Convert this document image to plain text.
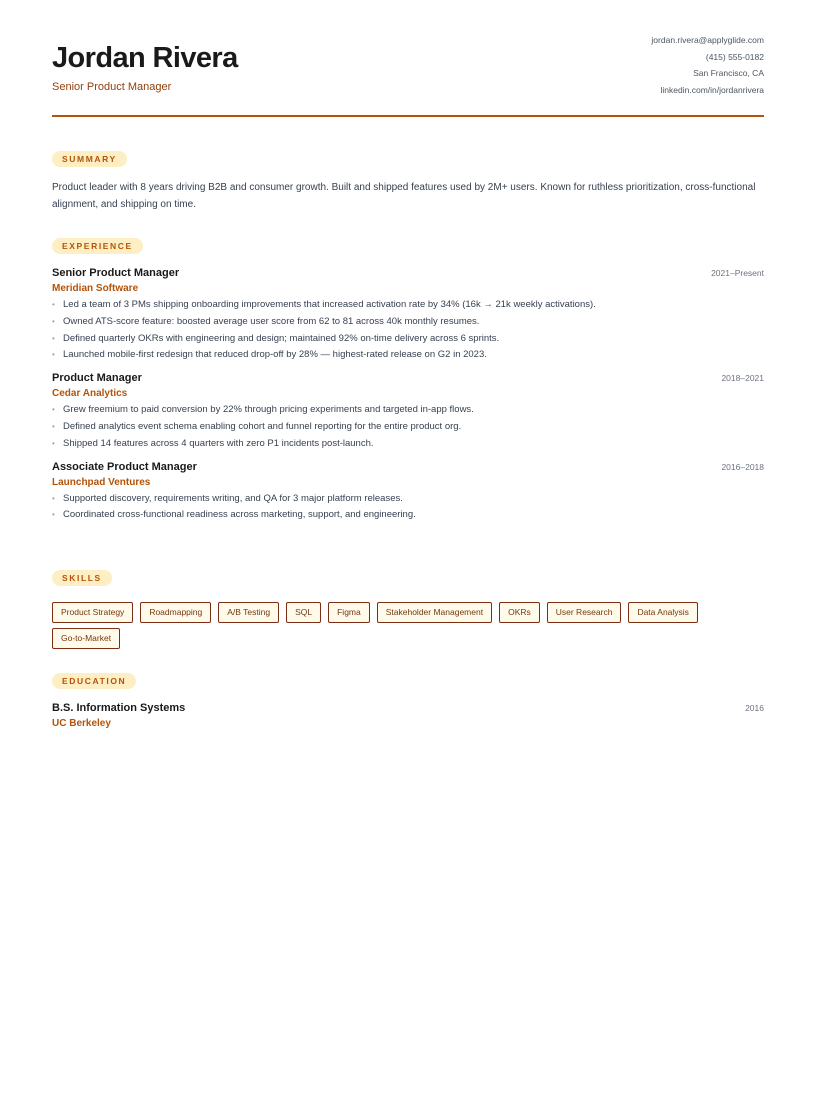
Jordan Rivera
Senior Product Manager
jordan.rivera@applyglide.com
(415) 555-0182
San Francisco, CA
linkedin.com/in/jordanrivera
SUMMARY

Product leader with 8 years driving B2B and consumer growth. Built and shipped features used by 2M+ users. Known for ruthless prioritization, cross-functional alignment, and shipping on time.

EXPERIENCE
Senior Product Manager	2021–Present
Meridian Software
• Led a team of 3 PMs shipping onboarding improvements that increased activation rate by 34% (16k → 21k weekly activations).
• Owned ATS-score feature: boosted average user score from 62 to 81 across 40k monthly resumes.
• Defined quarterly OKRs with engineering and design; maintained 92% on-time delivery across 6 sprints.
• Launched mobile-first redesign that reduced drop-off by 28% — highest-rated release on G2 in 2023.
Product Manager	2018–2021
Cedar Analytics
• Grew freemium to paid conversion by 22% through pricing experiments and targeted in-app flows.
• Defined analytics event schema enabling cohort and funnel reporting for the entire product org.
• Shipped 14 features across 4 quarters with zero P1 incidents post-launch.
Associate Product Manager	2016–2018
Launchpad Ventures
• Supported discovery, requirements writing, and QA for 3 major platform releases.
• Coordinated cross-functional readiness across marketing, support, and engineering.
SKILLS
Product Strategy	Roadmapping	A/B Testing	SQL	Figma	Stakeholder Management	OKRs	User Research	Data Analysis
Go-to-Market
EDUCATION
B.S. Information Systems	2016
UC Berkeley
